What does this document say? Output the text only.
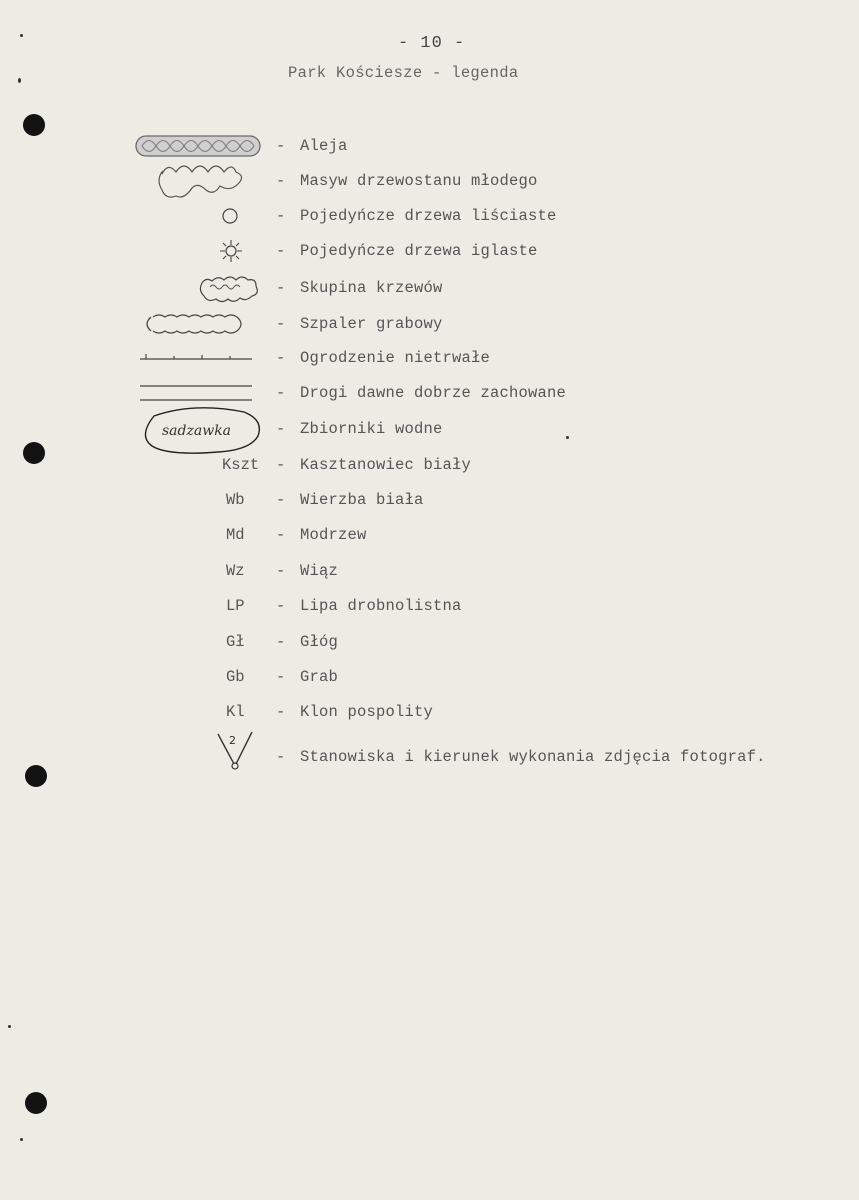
- 10 -
Park Kościesze - legenda
- Aleja
- Masyw drzewostanu młodego
- Pojedyńcze drzewa liściaste
- Pojedyńcze drzewa iglaste
- Skupina krzewów
- Szpaler grabowy
- Ogrodzenie nietrwałe
- Drogi dawne dobrze zachowane
sadzawka	- Zbiorniki wodne
Kszt	- Kasztanowiec biały
Wb	- Wierzba biała
Md	- Modrzew
Wz	- Wiąz
LP	- Lipa drobnolistna
Gł	- Głóg
Gb	- Grab
Kl	- Klon pospolity
2
- Stanowiska i kierunek wykonania zdjęcia fotograf.
